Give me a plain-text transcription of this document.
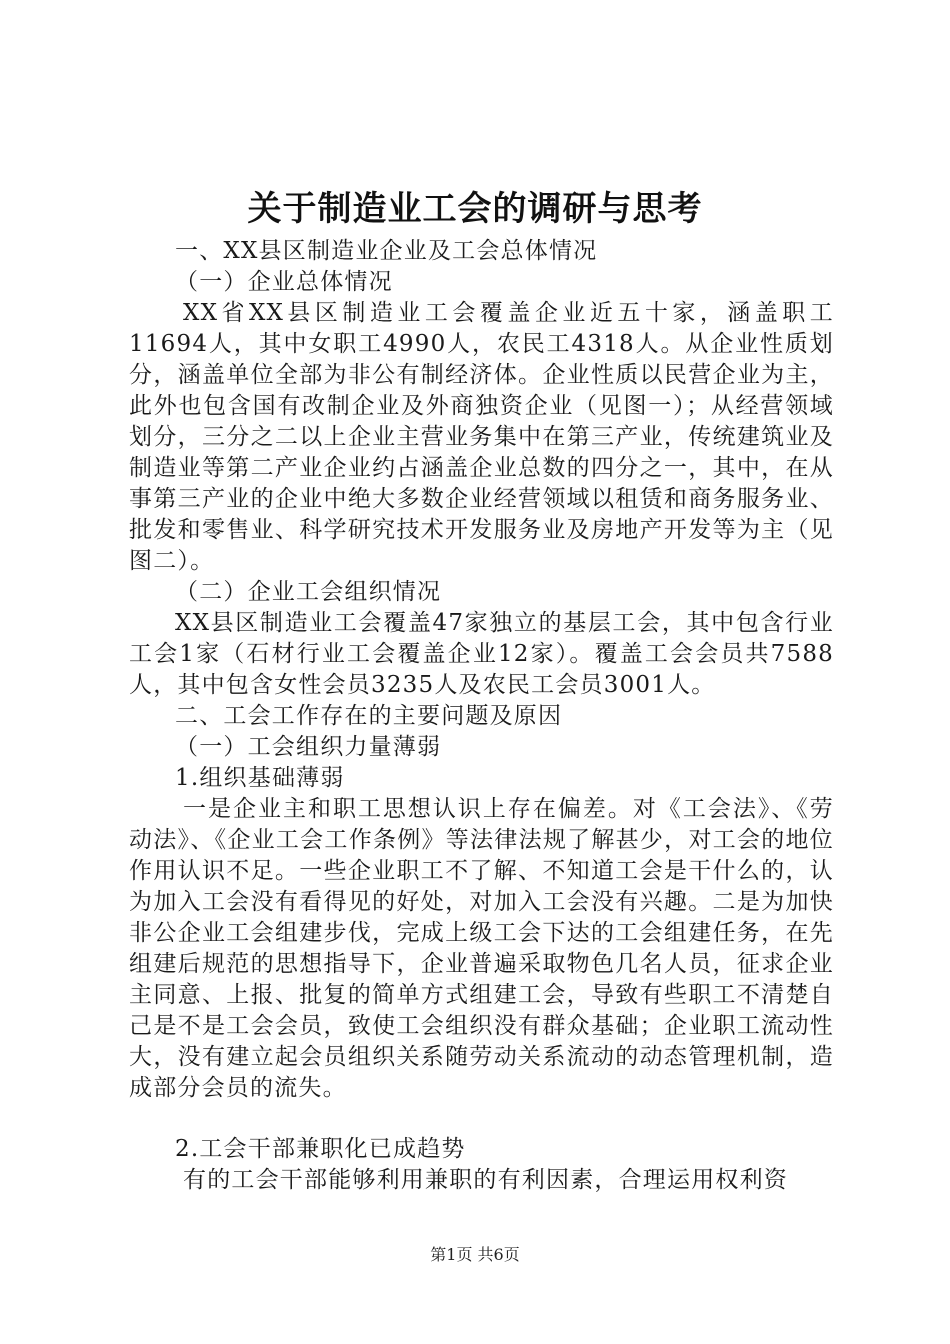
关于制造业工会的调研与思考

一、XX县区制造业企业及工会总体情况

（一）企业总体情况

XX省XX县区制造业工会覆盖企业近五十家，涵盖职工11694人，其中女职工4990人，农民工4318人。从企业性质划分，涵盖单位全部为非公有制经济体。企业性质以民营企业为主，此外也包含国有改制企业及外商独资企业（见图一）；从经营领域划分，三分之二以上企业主营业务集中在第三产业，传统建筑业及制造业等第二产业企业约占涵盖企业总数的四分之一，其中，在从事第三产业的企业中绝大多数企业经营领域以租赁和商务服务业、批发和零售业、科学研究技术开发服务业及房地产开发等为主（见图二）。

（二）企业工会组织情况

XX县区制造业工会覆盖47家独立的基层工会，其中包含行业工会1家（石材行业工会覆盖企业12家）。覆盖工会会员共7588人，其中包含女性会员3235人及农民工会员3001人。

二、工会工作存在的主要问题及原因

（一）工会组织力量薄弱

1.组织基础薄弱

一是企业主和职工思想认识上存在偏差。对《工会法》、《劳动法》、《企业工会工作条例》等法律法规了解甚少，对工会的地位作用认识不足。一些企业职工不了解、不知道工会是干什么的，认为加入工会没有看得见的好处，对加入工会没有兴趣。二是为加快非公企业工会组建步伐，完成上级工会下达的工会组建任务，在先组建后规范的思想指导下，企业普遍采取物色几名人员，征求企业主同意、上报、批复的简单方式组建工会，导致有些职工不清楚自己是不是工会会员，致使工会组织没有群众基础；企业职工流动性大，没有建立起会员组织关系随劳动关系流动的动态管理机制，造成部分会员的流失。

2.工会干部兼职化已成趋势

有的工会干部能够利用兼职的有利因素，合理运用权利资

第1页 共6页
